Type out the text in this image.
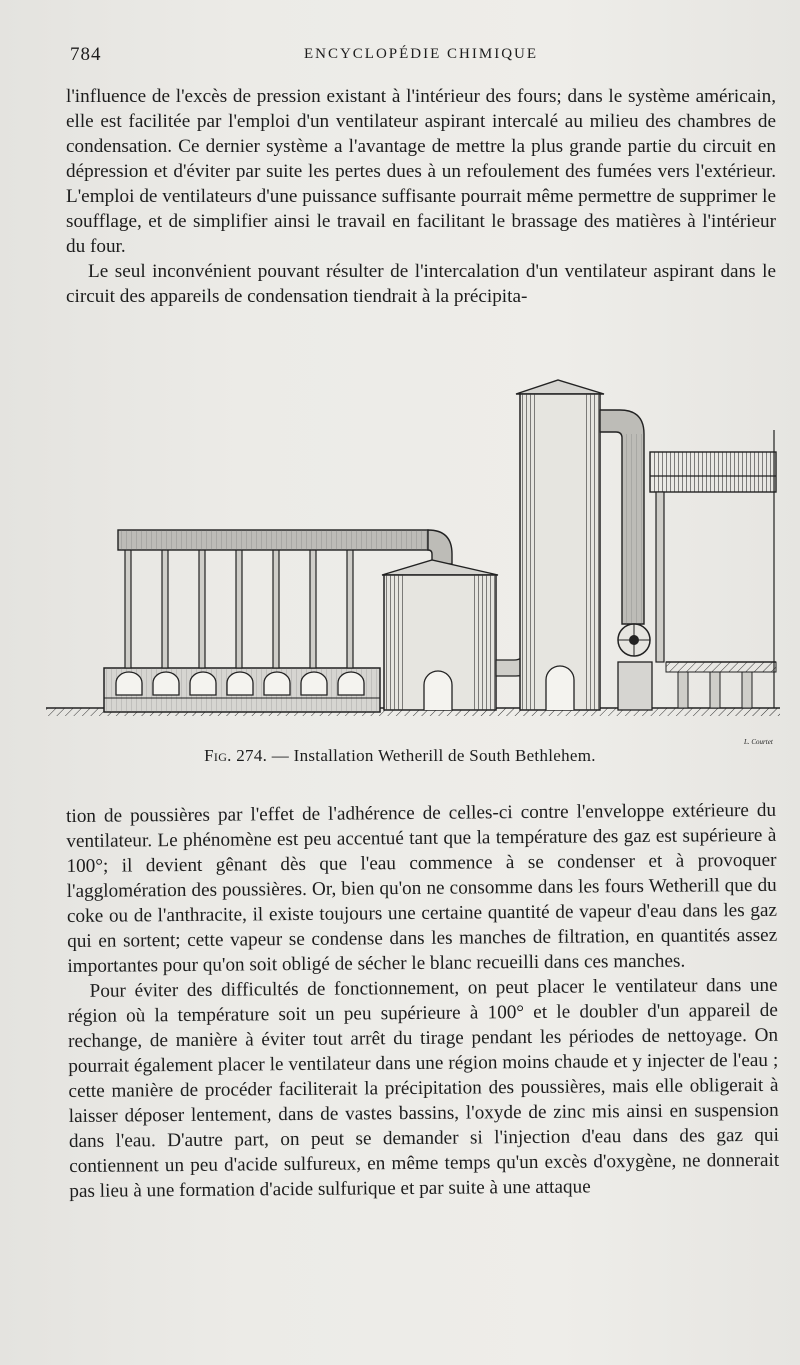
784	ENCYCLOPÉDIE CHIMIQUE

l'influence de l'excès de pression existant à l'intérieur des fours; dans le système américain, elle est facilitée par l'emploi d'un ventilateur aspirant intercalé au milieu des chambres de condensation. Ce dernier système a l'avantage de mettre la plus grande partie du circuit en dépression et d'éviter par suite les pertes dues à un refoulement des fumées vers l'extérieur. L'emploi de ventilateurs d'une puissance suffisante pourrait même permettre de supprimer le soufflage, et de simplifier ainsi le travail en facilitant le brassage des matières à l'intérieur du four.

Le seul inconvénient pouvant résulter de l'intercalation d'un ventilateur aspirant dans le circuit des appareils de condensation tiendrait à la précipita-

Fig. 274. — Installation Wetherill de South Bethlehem.
L. Courtet

tion de poussières par l'effet de l'adhérence de celles-ci contre l'enveloppe extérieure du ventilateur. Le phénomène est peu accentué tant que la température des gaz est supérieure à 100°; il devient gênant dès que l'eau commence à se condenser et à provoquer l'agglomération des poussières. Or, bien qu'on ne consomme dans les fours Wetherill que du coke ou de l'anthracite, il existe toujours une certaine quantité de vapeur d'eau dans les gaz qui en sortent; cette vapeur se condense dans les manches de filtration, en quantités assez importantes pour qu'on soit obligé de sécher le blanc recueilli dans ces manches.

Pour éviter des difficultés de fonctionnement, on peut placer le ventilateur dans une région où la température soit un peu supérieure à 100° et le doubler d'un appareil de rechange, de manière à éviter tout arrêt du tirage pendant les périodes de nettoyage. On pourrait également placer le ventilateur dans une région moins chaude et y injecter de l'eau ; cette manière de procéder faciliterait la précipitation des poussières, mais elle obligerait à laisser déposer lentement, dans de vastes bassins, l'oxyde de zinc mis ainsi en suspension dans l'eau. D'autre part, on peut se demander si l'injection d'eau dans des gaz qui contiennent un peu d'acide sulfureux, en même temps qu'un excès d'oxygène, ne donnerait pas lieu à une formation d'acide sulfurique et par suite à une attaque
